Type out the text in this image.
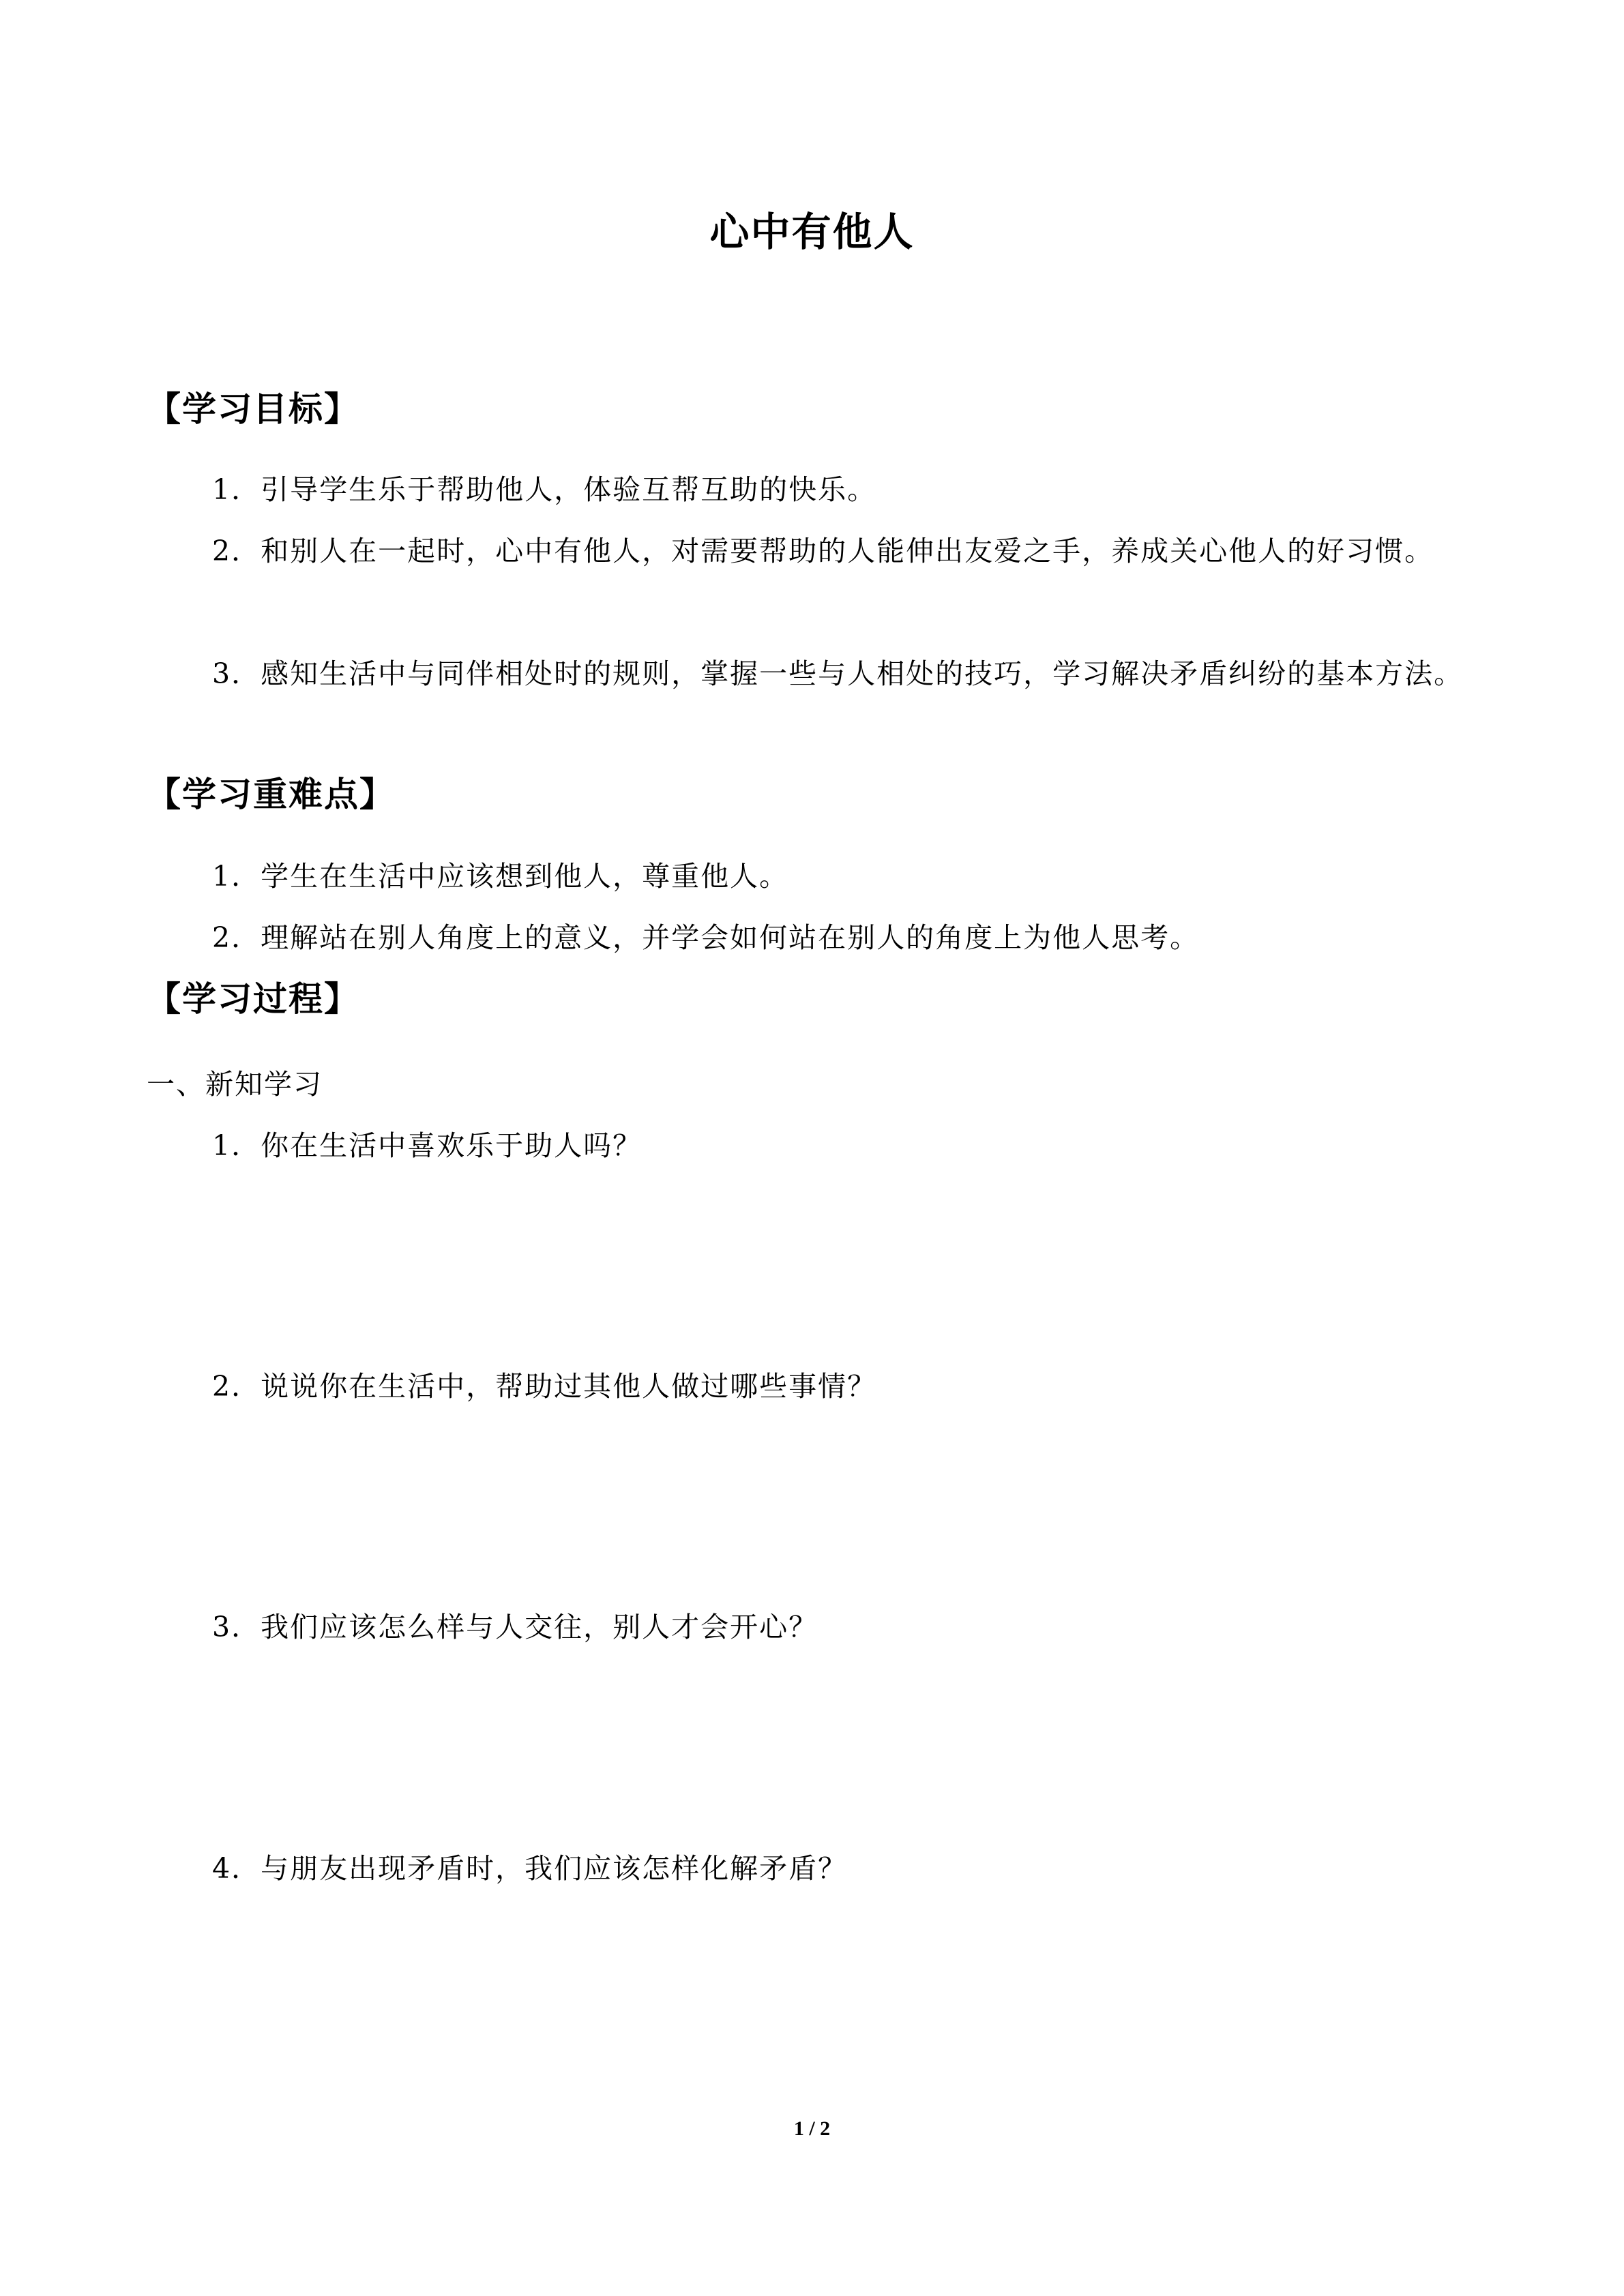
心中有他人
【学习目标】
1．引导学生乐于帮助他人，体验互帮互助的快乐。
2．和别人在一起时，心中有他人，对需要帮助的人能伸出友爱之手，养成关心他人的好习惯。
3．感知生活中与同伴相处时的规则，掌握一些与人相处的技巧，学习解决矛盾纠纷的基本方法。
【学习重难点】
1．学生在生活中应该想到他人，尊重他人。
2．理解站在别人角度上的意义，并学会如何站在别人的角度上为他人思考。
【学习过程】
一、新知学习
1．你在生活中喜欢乐于助人吗？
2．说说你在生活中，帮助过其他人做过哪些事情？
3．我们应该怎么样与人交往，别人才会开心？
4．与朋友出现矛盾时，我们应该怎样化解矛盾？
1 / 2
